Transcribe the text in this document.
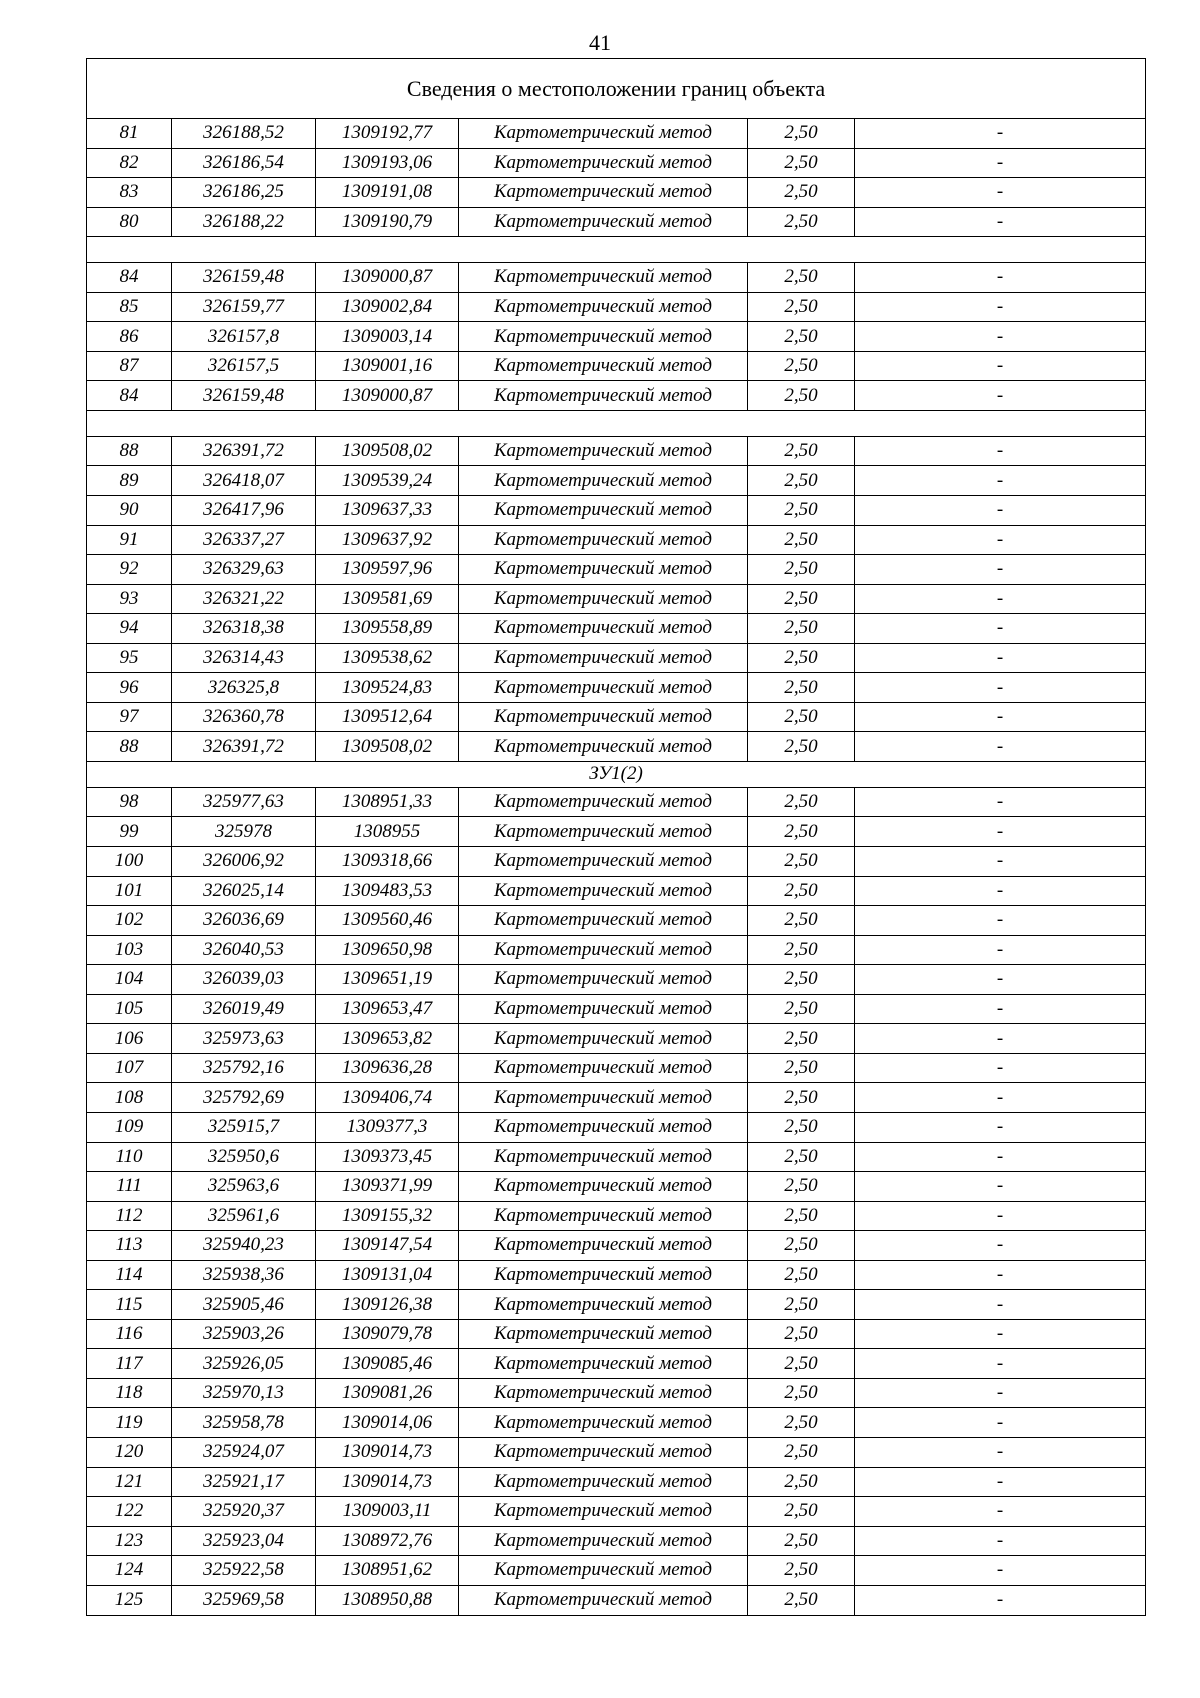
41
Сведения о местоположении границ объекта
81	326188,52	1309192,77	Картометрический метод	2,50	-
82	326186,54	1309193,06	Картометрический метод	2,50	-
83	326186,25	1309191,08	Картометрический метод	2,50	-
80	326188,22	1309190,79	Картометрический метод	2,50	-
84	326159,48	1309000,87	Картометрический метод	2,50	-
85	326159,77	1309002,84	Картометрический метод	2,50	-
86	326157,8	1309003,14	Картометрический метод	2,50	-
87	326157,5	1309001,16	Картометрический метод	2,50	-
84	326159,48	1309000,87	Картометрический метод	2,50	-
88	326391,72	1309508,02	Картометрический метод	2,50	-
89	326418,07	1309539,24	Картометрический метод	2,50	-
90	326417,96	1309637,33	Картометрический метод	2,50	-
91	326337,27	1309637,92	Картометрический метод	2,50	-
92	326329,63	1309597,96	Картометрический метод	2,50	-
93	326321,22	1309581,69	Картометрический метод	2,50	-
94	326318,38	1309558,89	Картометрический метод	2,50	-
95	326314,43	1309538,62	Картометрический метод	2,50	-
96	326325,8	1309524,83	Картометрический метод	2,50	-
97	326360,78	1309512,64	Картометрический метод	2,50	-
88	326391,72	1309508,02	Картометрический метод	2,50	-
ЗУ1(2)
98	325977,63	1308951,33	Картометрический метод	2,50	-
99	325978	1308955	Картометрический метод	2,50	-
100	326006,92	1309318,66	Картометрический метод	2,50	-
101	326025,14	1309483,53	Картометрический метод	2,50	-
102	326036,69	1309560,46	Картометрический метод	2,50	-
103	326040,53	1309650,98	Картометрический метод	2,50	-
104	326039,03	1309651,19	Картометрический метод	2,50	-
105	326019,49	1309653,47	Картометрический метод	2,50	-
106	325973,63	1309653,82	Картометрический метод	2,50	-
107	325792,16	1309636,28	Картометрический метод	2,50	-
108	325792,69	1309406,74	Картометрический метод	2,50	-
109	325915,7	1309377,3	Картометрический метод	2,50	-
110	325950,6	1309373,45	Картометрический метод	2,50	-
111	325963,6	1309371,99	Картометрический метод	2,50	-
112	325961,6	1309155,32	Картометрический метод	2,50	-
113	325940,23	1309147,54	Картометрический метод	2,50	-
114	325938,36	1309131,04	Картометрический метод	2,50	-
115	325905,46	1309126,38	Картометрический метод	2,50	-
116	325903,26	1309079,78	Картометрический метод	2,50	-
117	325926,05	1309085,46	Картометрический метод	2,50	-
118	325970,13	1309081,26	Картометрический метод	2,50	-
119	325958,78	1309014,06	Картометрический метод	2,50	-
120	325924,07	1309014,73	Картометрический метод	2,50	-
121	325921,17	1309014,73	Картометрический метод	2,50	-
122	325920,37	1309003,11	Картометрический метод	2,50	-
123	325923,04	1308972,76	Картометрический метод	2,50	-
124	325922,58	1308951,62	Картометрический метод	2,50	-
125	325969,58	1308950,88	Картометрический метод	2,50	-
